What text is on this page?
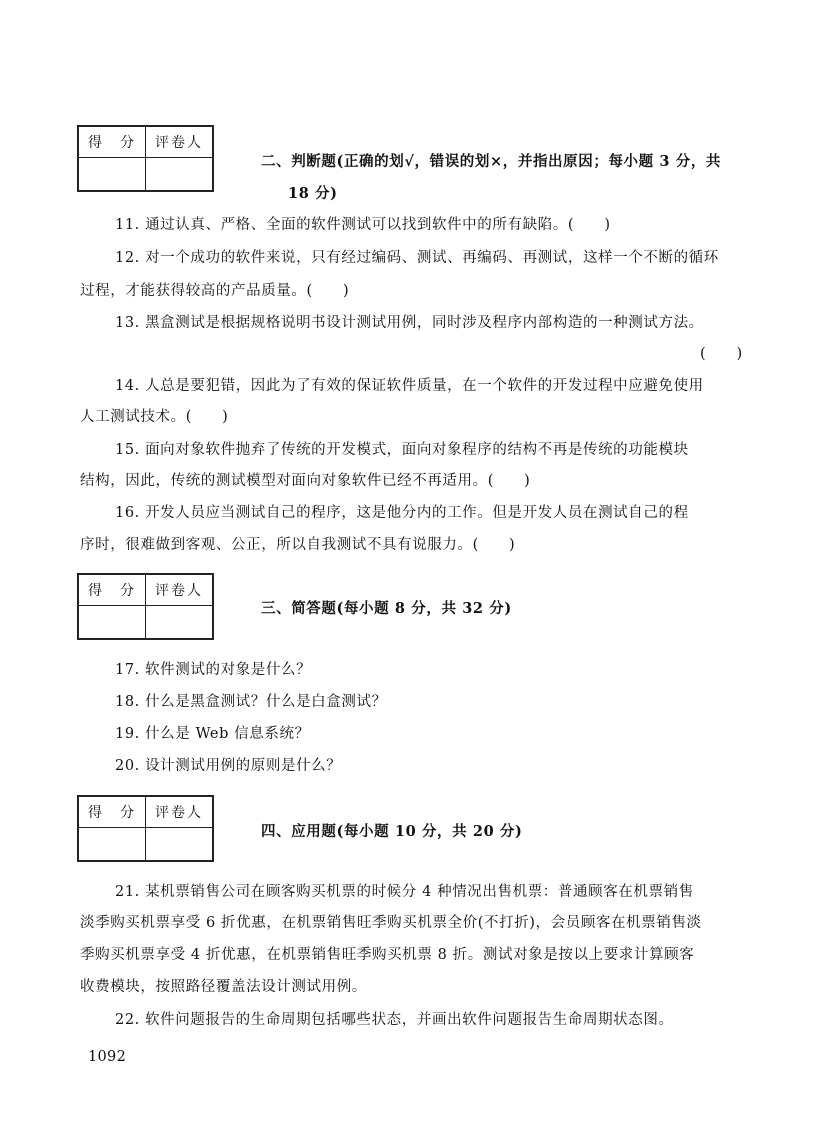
得　分	评卷人

二、判断题(正确的划√，错误的划×，并指出原因；每小题 3 分，共
18 分)
11. 通过认真、严格、全面的软件测试可以找到软件中的所有缺陷。(　　)
12. 对一个成功的软件来说，只有经过编码、测试、再编码、再测试，这样一个不断的循环
过程，才能获得较高的产品质量。(　　)
13. 黑盒测试是根据规格说明书设计测试用例，同时涉及程序内部构造的一种测试方法。
(　　)
14. 人总是要犯错，因此为了有效的保证软件质量，在一个软件的开发过程中应避免使用
人工测试技术。(　　)
15. 面向对象软件抛弃了传统的开发模式，面向对象程序的结构不再是传统的功能模块
结构，因此，传统的测试模型对面向对象软件已经不再适用。(　　)
16. 开发人员应当测试自己的程序，这是他分内的工作。但是开发人员在测试自己的程
序时，很难做到客观、公正，所以自我测试不具有说服力。(　　)
得　分	评卷人

三、简答题(每小题 8 分，共 32 分)
17. 软件测试的对象是什么？
18. 什么是黑盒测试？什么是白盒测试？
19. 什么是 Web 信息系统？
20. 设计测试用例的原则是什么？
得　分	评卷人

四、应用题(每小题 10 分，共 20 分)
21. 某机票销售公司在顾客购买机票的时候分 4 种情况出售机票：普通顾客在机票销售
淡季购买机票享受 6 折优惠，在机票销售旺季购买机票全价(不打折)，会员顾客在机票销售淡
季购买机票享受 4 折优惠，在机票销售旺季购买机票 8 折。测试对象是按以上要求计算顾客
收费模块，按照路径覆盖法设计测试用例。
22. 软件问题报告的生命周期包括哪些状态，并画出软件问题报告生命周期状态图。
1092
